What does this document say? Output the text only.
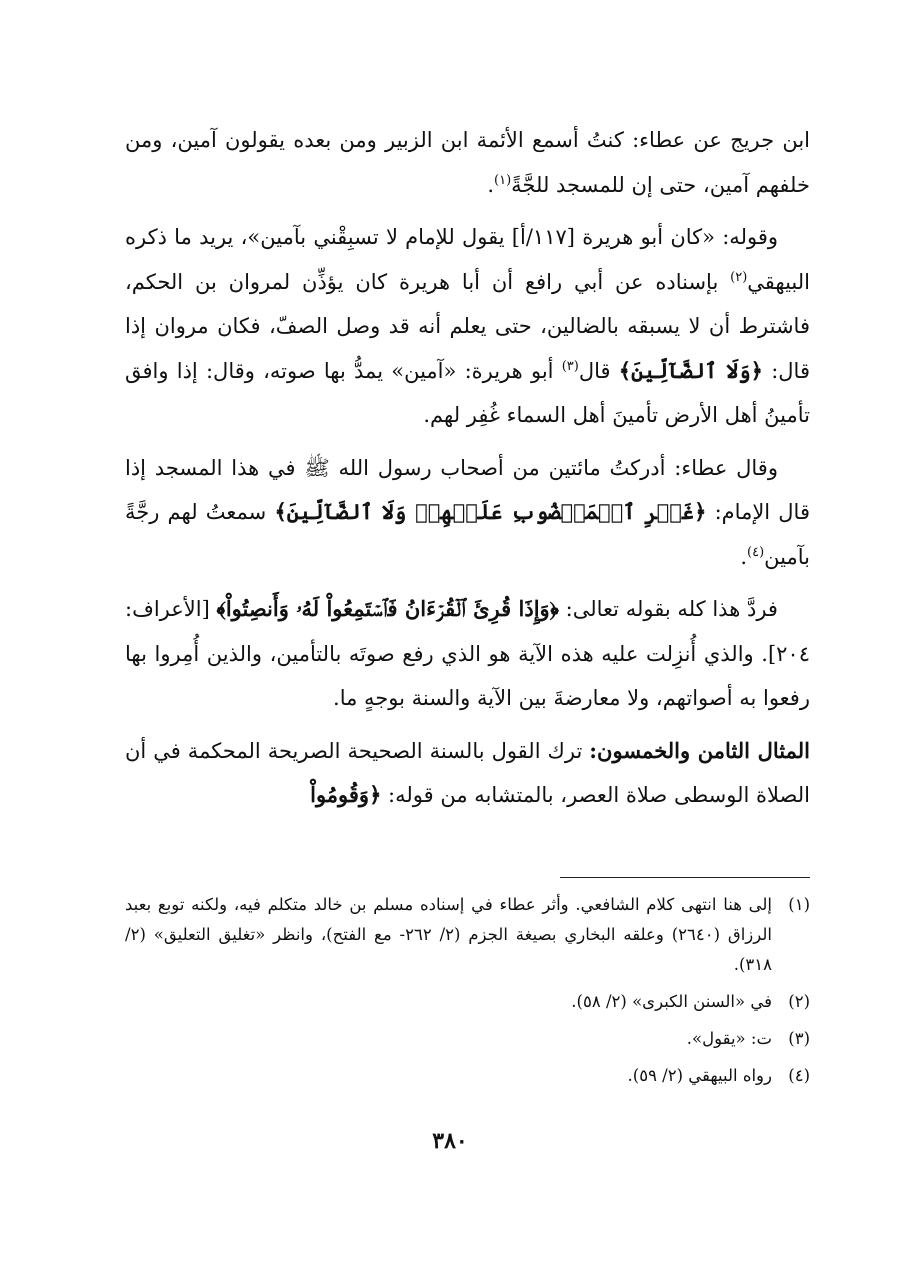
ابن جريج عن عطاء: كنتُ أسمع الأئمة ابن الزبير ومن بعده يقولون آمين، ومن خلفهم آمين، حتى إن للمسجد للجَّةً$^{(١)}$.

وقوله: «كان أبو هريرة [١١٧/أ] يقول للإمام لا تسبِقْني بآمين»، يريد ما ذكره البيهقي$^{(٢)}$ بإسناده عن أبي رافع أن أبا هريرة كان يؤذِّن لمروان بن الحكم، فاشترط أن لا يسبقه بالضالين، حتى يعلم أنه قد وصل الصفّ، فكان مروان إذا قال: ﴿وَلَا ٱلضَّآلِّينَ﴾ قال$^{(٣)}$ أبو هريرة: «آمين» يمدُّ بها صوته، وقال: إذا وافق تأمينُ أهل الأرض تأمينَ أهل السماء غُفِر لهم.

وقال عطاء: أدركتُ مائتين من أصحاب رسول الله ﷺ في هذا المسجد إذا قال الإمام: ﴿غَيۡرِ ٱلۡمَغۡضُوبِ عَلَيۡهِمۡ وَلَا ٱلضَّآلِّينَ﴾ سمعتُ لهم رجَّةً بآمين$^{(٤)}$.

فردَّ هذا كله بقوله تعالى: ﴿وَإِذَا قُرِئَ ٱلۡقُرۡءَانُ فَٱسۡتَمِعُواْ لَهُۥ وَأَنصِتُواْ﴾ [الأعراف: ٢٠٤]. والذي أُنزِلت عليه هذه الآية هو الذي رفع صوتَه بالتأمين، والذين أُمِروا بها رفعوا به أصواتهم، ولا معارضةَ بين الآية والسنة بوجهٍ ما.

المثال الثامن والخمسون: ترك القول بالسنة الصحيحة الصريحة المحكمة في أن الصلاة الوسطى صلاة العصر، بالمتشابه من قوله: ﴿وَقُومُواْ

(١)
إلى هنا انتهى كلام الشافعي. وأثر عطاء في إسناده مسلم بن خالد متكلم فيه، ولكنه توبع بعبد الرزاق (٢٦٤٠) وعلقه البخاري بصيغة الجزم (٢/ ٢٦٢- مع الفتح)، وانظر «تغليق التعليق» (٢/ ٣١٨).
(٢)
في «السنن الكبرى» (٢/ ٥٨).
(٣)
ت: «يقول».
(٤)
رواه البيهقي (٢/ ٥٩).
٣٨٠
